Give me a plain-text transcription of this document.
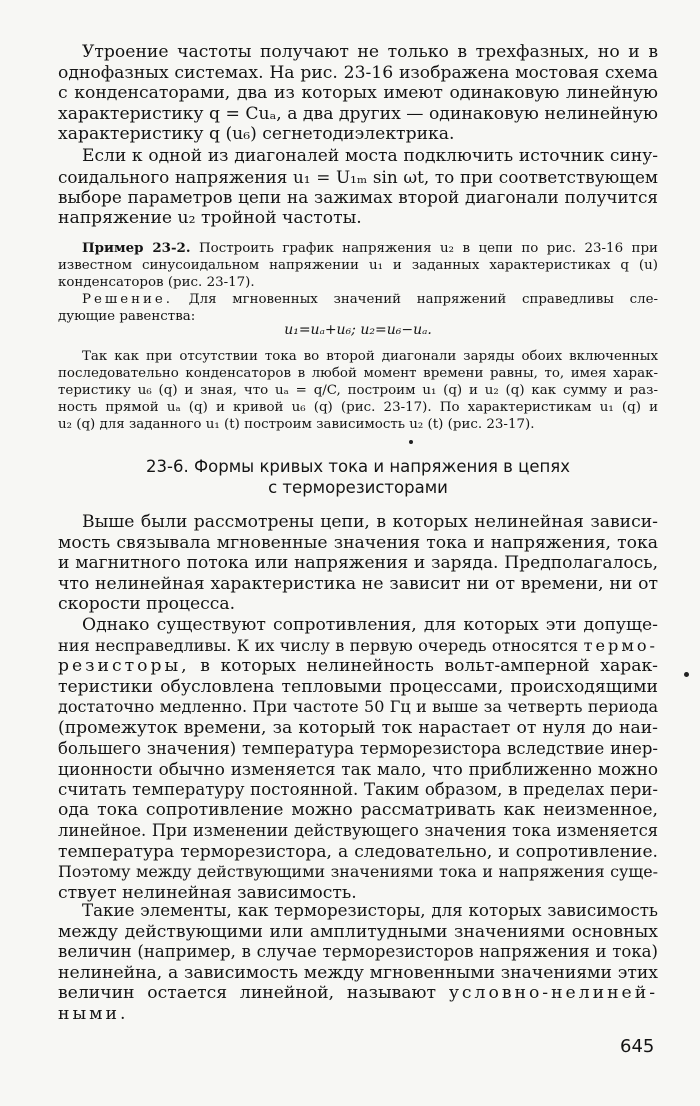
Утроение частоты получают не только в трехфазных, но и в
однофазных системах. На рис. 23-16 изображена мостовая схема
с конденсаторами, два из которых имеют одинаковую линейную
характеристику q = Cuₐ, а два других — одинаковую нелинейную
характеристику q (u₆) сегнетодиэлектрика.
Если к одной из диагоналей моста подключить источник сину-
соидального напряжения u₁ = U₁ₘ sin ωt, то при соответствующем
выборе параметров цепи на зажимах второй диагонали получится
напряжение u₂ тройной частоты.
Пример 23-2. Построить график напряжения u₂ в цепи по рис. 23-16 при
известном синусоидальном напряжении u₁ и заданных характеристиках q (u)
конденсаторов (рис. 23-17).
Решение. Для мгновенных значений напряжений справедливы сле-
дующие равенства:
u₁=uₐ+u₆; u₂=u₆−uₐ.
Так как при отсутствии тока во второй диагонали заряды обоих включенных
последовательно конденсаторов в любой момент времени равны, то, имея харак-
теристику u₆ (q) и зная, что uₐ = q/C, построим u₁ (q) и u₂ (q) как сумму и раз-
ность прямой uₐ (q) и кривой u₆ (q) (рис. 23-17). По характеристикам u₁ (q) и
u₂ (q) для заданного u₁ (t) построим зависимость u₂ (t) (рис. 23-17).
23-6. Формы кривых тока и напряжения в цепях
с терморезисторами
Выше были рассмотрены цепи, в которых нелинейная зависи-
мость связывала мгновенные значения тока и напряжения, тока
и магнитного потока или напряжения и заряда. Предполагалось,
что нелинейная характеристика не зависит ни от времени, ни от
скорости процесса.
Однако существуют сопротивления, для которых эти допуще-
ния несправедливы. К их числу в первую очередь относятся термо-
резисторы, в которых нелинейность вольт-амперной харак-
теристики обусловлена тепловыми процессами, происходящими
достаточно медленно. При частоте 50 Гц и выше за четверть периода
(промежуток времени, за который ток нарастает от нуля до наи-
большего значения) температура терморезистора вследствие инер-
ционности обычно изменяется так мало, что приближенно можно
считать температуру постоянной. Таким образом, в пределах пери-
ода тока сопротивление можно рассматривать как неизменное,
линейное. При изменении действующего значения тока изменяется
температура терморезистора, а следовательно, и сопротивление.
Поэтому между действующими значениями тока и напряжения суще-
ствует нелинейная зависимость.
Такие элементы, как терморезисторы, для которых зависимость
между действующими или амплитудными значениями основных
величин (например, в случае терморезисторов напряжения и тока)
нелинейна, а зависимость между мгновенными значениями этих
величин остается линейной, называют условно-нелиней-
ными.
645
